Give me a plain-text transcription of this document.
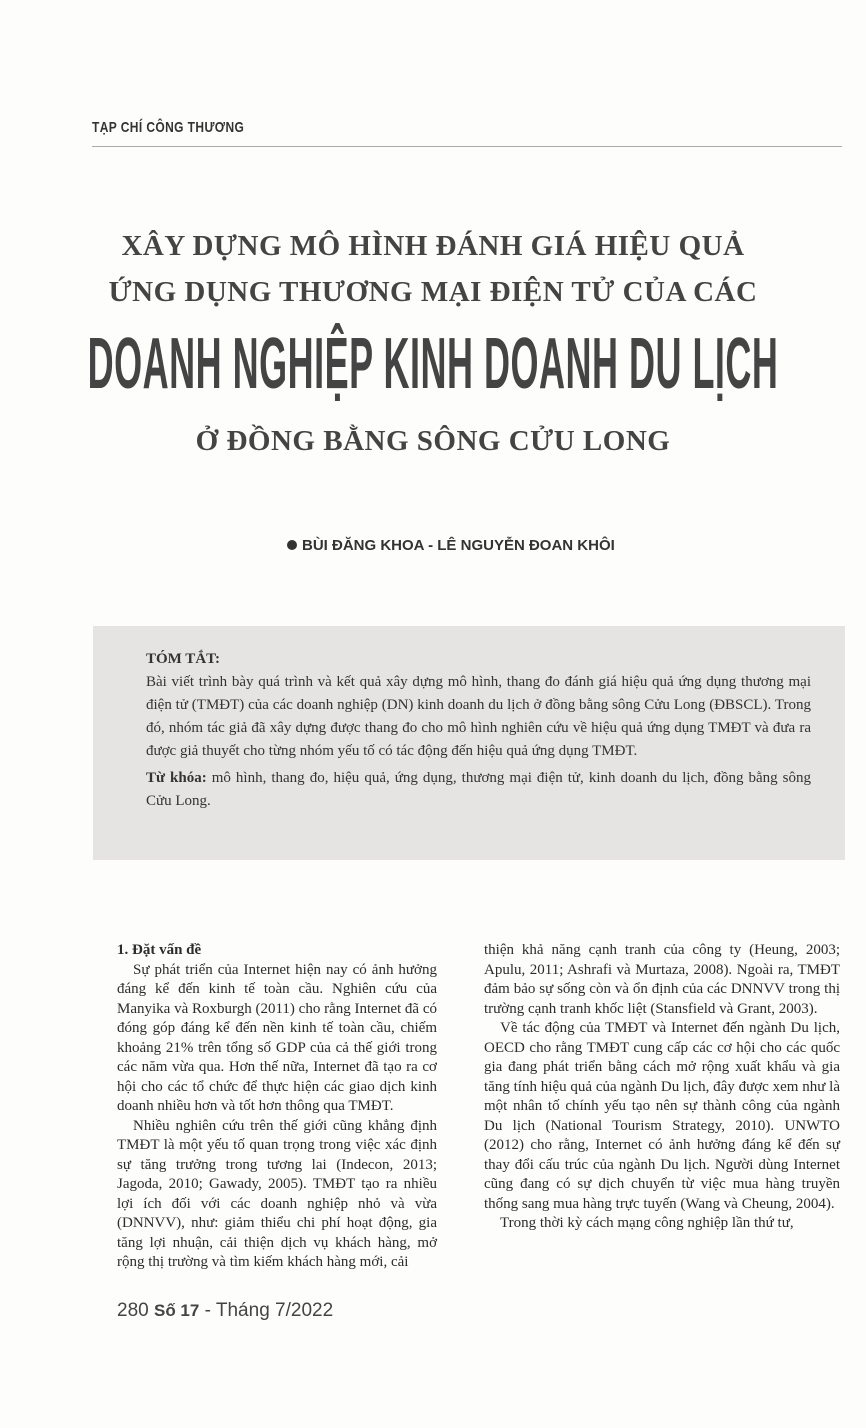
TẠP CHÍ CÔNG THƯƠNG
XÂY DỰNG MÔ HÌNH ĐÁNH GIÁ HIỆU QUẢ
ỨNG DỤNG THƯƠNG MẠI ĐIỆN TỬ CỦA CÁC
DOANH NGHIỆP KINH DOANH DU LỊCH
Ở ĐỒNG BẰNG SÔNG CỬU LONG
BÙI ĐĂNG KHOA - LÊ NGUYỄN ĐOAN KHÔI
TÓM TẮT:

Bài viết trình bày quá trình và kết quả xây dựng mô hình, thang đo đánh giá hiệu quả ứng dụng thương mại điện tử (TMĐT) của các doanh nghiệp (DN) kinh doanh du lịch ở đồng bằng sông Cửu Long (ĐBSCL). Trong đó, nhóm tác giả đã xây dựng được thang đo cho mô hình nghiên cứu về hiệu quả ứng dụng TMĐT và đưa ra được giả thuyết cho từng nhóm yếu tố có tác động đến hiệu quả ứng dụng TMĐT.

Từ khóa: mô hình, thang đo, hiệu quả, ứng dụng, thương mại điện tử, kinh doanh du lịch, đồng bằng sông Cửu Long.

1. Đặt vấn đề

Sự phát triển của Internet hiện nay có ảnh hưởng đáng kể đến kinh tế toàn cầu. Nghiên cứu của Manyika và Roxburgh (2011) cho rằng Internet đã có đóng góp đáng kể đến nền kinh tế toàn cầu, chiếm khoảng 21% trên tổng số GDP của cả thế giới trong các năm vừa qua. Hơn thế nữa, Internet đã tạo ra cơ hội cho các tổ chức để thực hiện các giao dịch kinh doanh nhiều hơn và tốt hơn thông qua TMĐT.

Nhiều nghiên cứu trên thế giới cũng khẳng định TMĐT là một yếu tố quan trọng trong việc xác định sự tăng trưởng trong tương lai (Indecon, 2013; Jagoda, 2010; Gawady, 2005). TMĐT tạo ra nhiều lợi ích đối với các doanh nghiệp nhỏ và vừa (DNNVV), như: giảm thiểu chi phí hoạt động, gia tăng lợi nhuận, cải thiện dịch vụ khách hàng, mở rộng thị trường và tìm kiếm khách hàng mới, cải

thiện khả năng cạnh tranh của công ty (Heung, 2003; Apulu, 2011; Ashrafi và Murtaza, 2008). Ngoài ra, TMĐT đảm bảo sự sống còn và ổn định của các DNNVV trong thị trường cạnh tranh khốc liệt (Stansfield và Grant, 2003).

Về tác động của TMĐT và Internet đến ngành Du lịch, OECD cho rằng TMĐT cung cấp các cơ hội cho các quốc gia đang phát triển bằng cách mở rộng xuất khẩu và gia tăng tính hiệu quả của ngành Du lịch, đây được xem như là một nhân tố chính yếu tạo nên sự thành công của ngành Du lịch (National Tourism Strategy, 2010). UNWTO (2012) cho rằng, Internet có ảnh hưởng đáng kể đến sự thay đổi cấu trúc của ngành Du lịch. Người dùng Internet cũng đang có sự dịch chuyển từ việc mua hàng truyền thống sang mua hàng trực tuyến (Wang và Cheung, 2004).

Trong thời kỳ cách mạng công nghiệp lần thứ tư,

280 Số 17 - Tháng 7/2022
